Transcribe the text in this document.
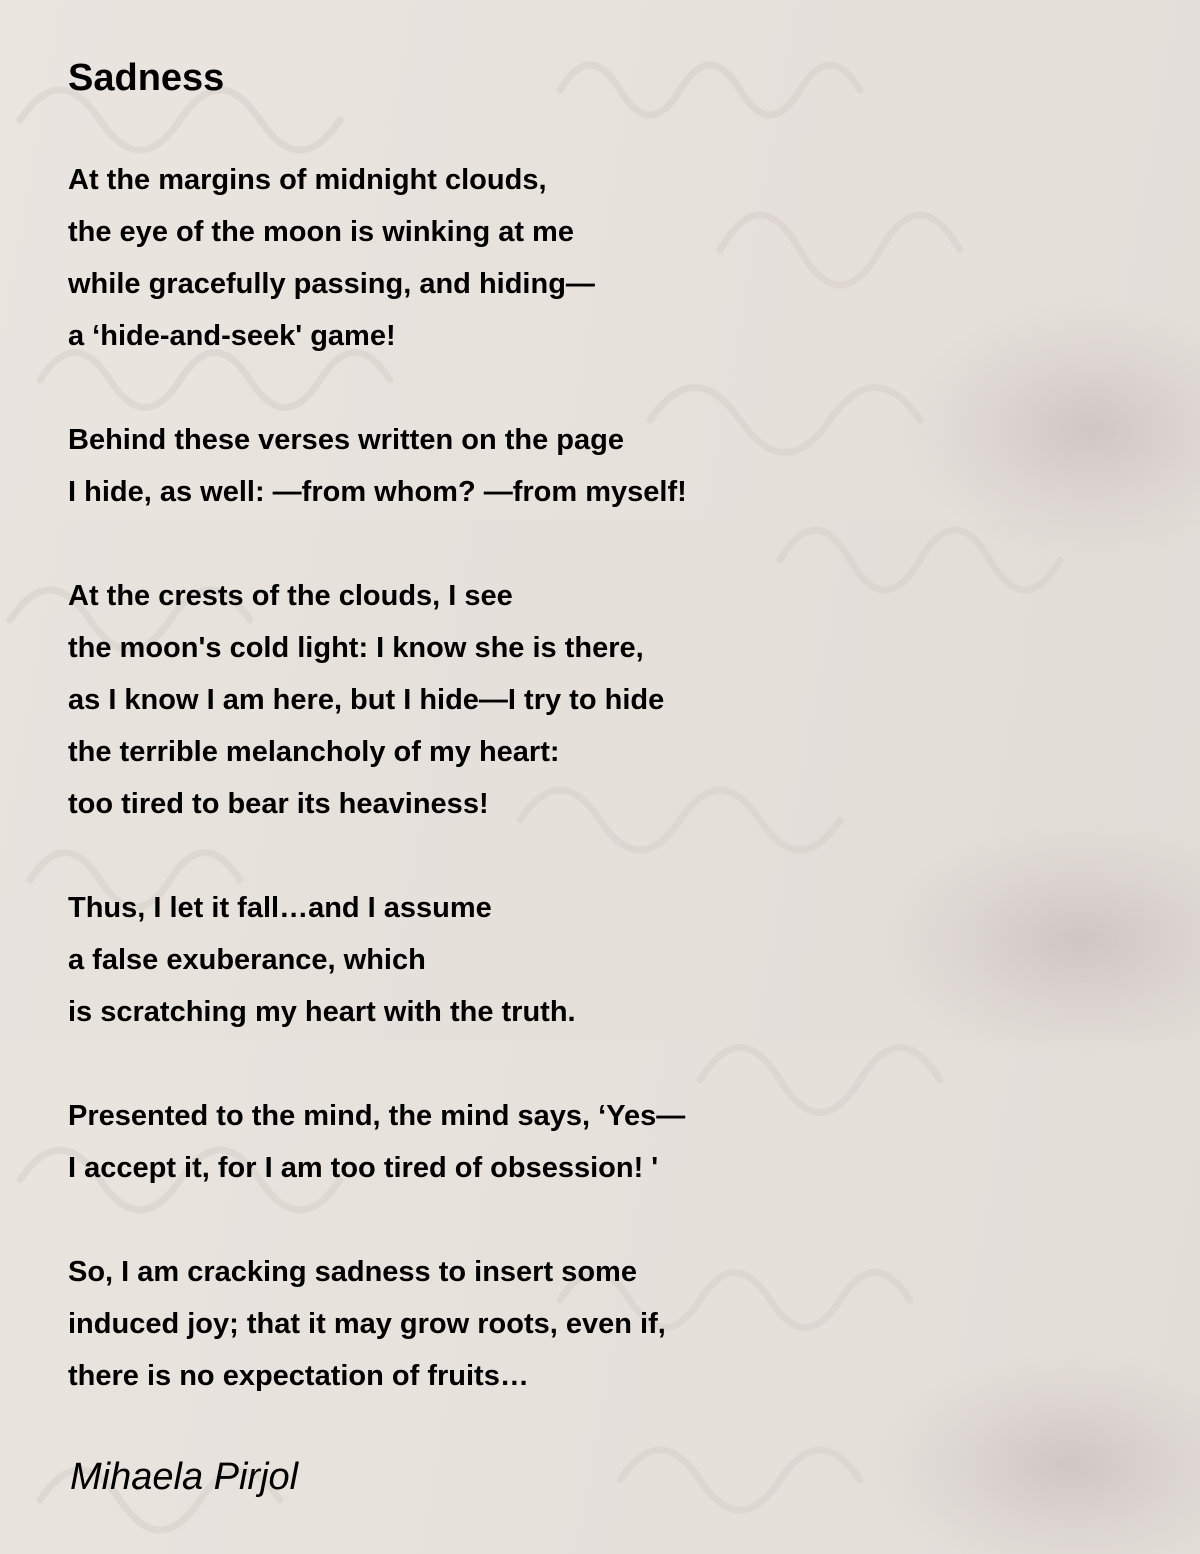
Sadness
At the margins of midnight clouds,
the eye of the moon is winking at me
while gracefully passing, and hiding—
a ‘hide-and-seek' game!
Behind these verses written on the page
I hide, as well: —from whom? —from myself!
At the crests of the clouds, I see
the moon's cold light: I know she is there,
as I know I am here, but I hide—I try to hide
the terrible melancholy of my heart:
too tired to bear its heaviness!
Thus, I let it fall…and I assume
a false exuberance, which
is scratching my heart with the truth.
Presented to the mind, the mind says, ‘Yes—
I accept it, for I am too tired of obsession! '
So, I am cracking sadness to insert some
induced joy; that it may grow roots, even if,
there is no expectation of fruits…

Mihaela Pirjol
